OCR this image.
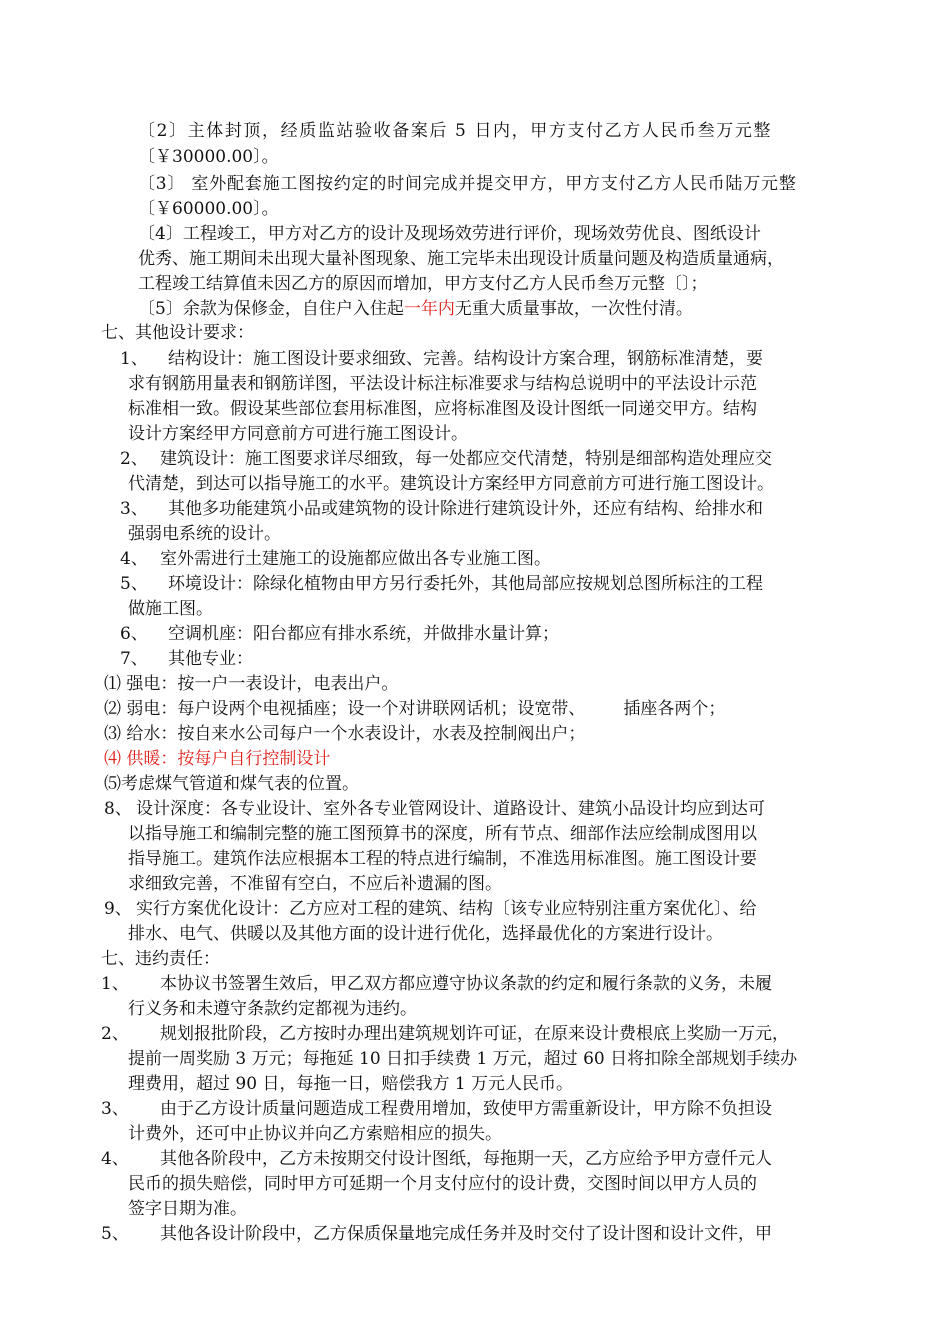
〔2〕主体封顶，经质监站验收备案后 5 日内，甲方支付乙方人民币叁万元整
〔￥30000.00〕。
〔3〕 室外配套施工图按约定的时间完成并提交甲方，甲方支付乙方人民币陆万元整
〔￥60000.00〕。
〔4〕工程竣工，甲方对乙方的设计及现场效劳进行评价，现场效劳优良、图纸设计
优秀、施工期间未出现大量补图现象、施工完毕未出现设计质量问题及构造质量通病，
工程竣工结算值未因乙方的原因而增加，甲方支付乙方人民币叁万元整〔〕；
〔5〕余款为保修金，自住户入住起一年内无重大质量事故，一次性付清。
七、其他设计要求：
1、 结构设计：施工图设计要求细致、完善。结构设计方案合理，钢筋标准清楚，要
求有钢筋用量表和钢筋详图，平法设计标注标准要求与结构总说明中的平法设计示范
标准相一致。假设某些部位套用标准图，应将标准图及设计图纸一同递交甲方。结构
设计方案经甲方同意前方可进行施工图设计。
2、 建筑设计：施工图要求详尽细致，每一处都应交代清楚，特别是细部构造处理应交
代清楚，到达可以指导施工的水平。建筑设计方案经甲方同意前方可进行施工图设计。
3、 其他多功能建筑小品或建筑物的设计除进行建筑设计外，还应有结构、给排水和
强弱电系统的设计。
4、 室外需进行土建施工的设施都应做出各专业施工图。
5、 环境设计：除绿化植物由甲方另行委托外，其他局部应按规划总图所标注的工程
做施工图。
6、 空调机座：阳台都应有排水系统，并做排水量计算；
7、 其他专业：
⑴ 强电：按一户一表设计，电表出户。
⑵ 弱电：每户设两个电视插座；设一个对讲联网话机；设宽带、 插座各两个；
⑶ 给水：按自来水公司每户一个水表设计，水表及控制阀出户；
⑷ 供暖：按每户自行控制设计
⑸考虑煤气管道和煤气表的位置。
8、 设计深度：各专业设计、室外各专业管网设计、道路设计、建筑小品设计均应到达可
以指导施工和编制完整的施工图预算书的深度，所有节点、细部作法应绘制成图用以
指导施工。建筑作法应根据本工程的特点进行编制，不准选用标准图。施工图设计要
求细致完善，不准留有空白，不应后补遗漏的图。
9、 实行方案优化设计：乙方应对工程的建筑、结构〔该专业应特别注重方案优化〕、给
排水、电气、供暖以及其他方面的设计进行优化，选择最优化的方案进行设计。
七、违约责任：
1、 本协议书签署生效后，甲乙双方都应遵守协议条款的约定和履行条款的义务，未履
行义务和未遵守条款约定都视为违约。
2、 规划报批阶段，乙方按时办理出建筑规划许可证，在原来设计费根底上奖励一万元，
提前一周奖励 3 万元；每拖延 10 日扣手续费 1 万元，超过 60 日将扣除全部规划手续办
理费用，超过 90 日，每拖一日，赔偿我方 1 万元人民币。
3、 由于乙方设计质量问题造成工程费用增加，致使甲方需重新设计，甲方除不负担设
计费外，还可中止协议并向乙方索赔相应的损失。
4、 其他各阶段中，乙方未按期交付设计图纸，每拖期一天，乙方应给予甲方壹仟元人
民币的损失赔偿，同时甲方可延期一个月支付应付的设计费，交图时间以甲方人员的
签字日期为准。
5、 其他各设计阶段中，乙方保质保量地完成任务并及时交付了设计图和设计文件，甲
